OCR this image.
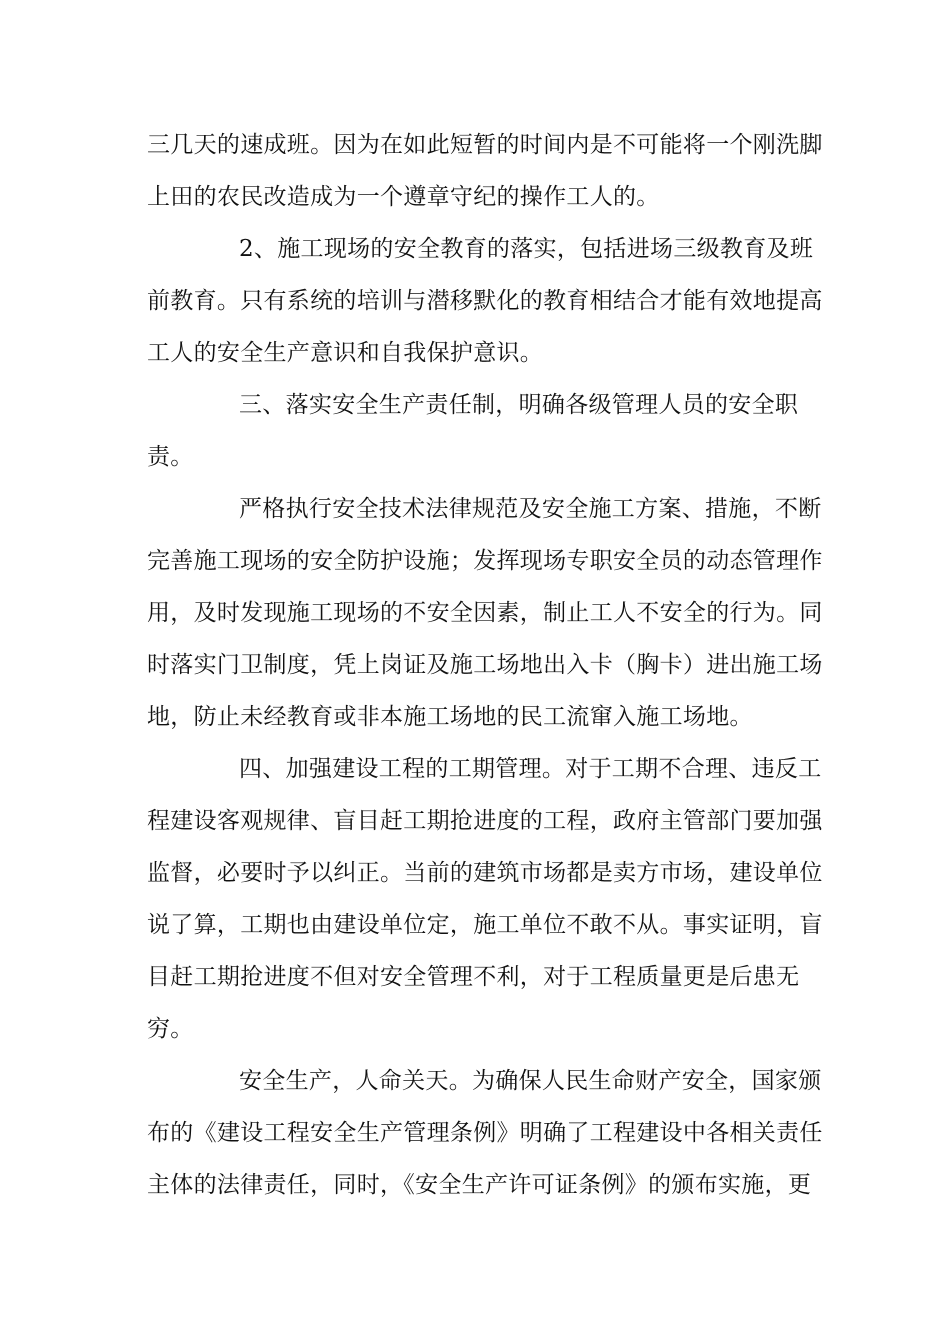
三几天的速成班。因为在如此短暂的时间内是不可能将一个刚洗脚
上田的农民改造成为一个遵章守纪的操作工人的。
2、施工现场的安全教育的落实，包括进场三级教育及班
前教育。只有系统的培训与潜移默化的教育相结合才能有效地提高
工人的安全生产意识和自我保护意识。
三、落实安全生产责任制，明确各级管理人员的安全职
责。
严格执行安全技术法律规范及安全施工方案、措施，不断
完善施工现场的安全防护设施；发挥现场专职安全员的动态管理作
用，及时发现施工现场的不安全因素，制止工人不安全的行为。同
时落实门卫制度，凭上岗证及施工场地出入卡（胸卡）进出施工场
地，防止未经教育或非本施工场地的民工流窜入施工场地。
四、加强建设工程的工期管理。对于工期不合理、违反工
程建设客观规律、盲目赶工期抢进度的工程，政府主管部门要加强
监督，必要时予以纠正。当前的建筑市场都是卖方市场，建设单位
说了算，工期也由建设单位定，施工单位不敢不从。事实证明，盲
目赶工期抢进度不但对安全管理不利，对于工程质量更是后患无
穷。
安全生产，人命关天。为确保人民生命财产安全，国家颁
布的《建设工程安全生产管理条例》明确了工程建设中各相关责任
主体的法律责任，同时，《安全生产许可证条例》的颁布实施，更
